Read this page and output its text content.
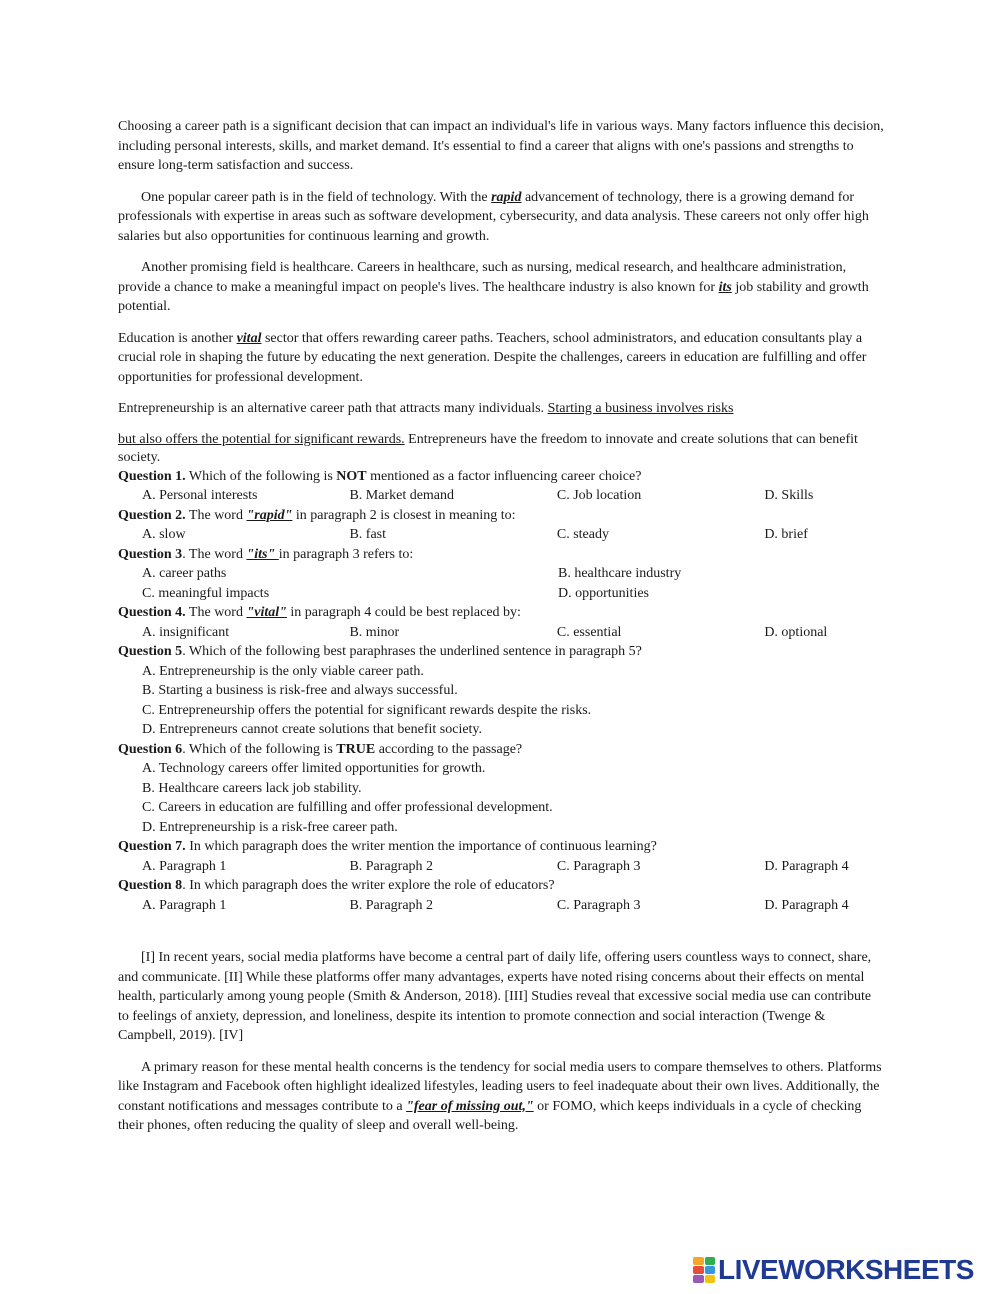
Choosing a career path is a significant decision that can impact an individual's life in various ways. Many factors influence this decision, including personal interests, skills, and market demand. It's essential to find a career that aligns with one's passions and strengths to ensure long-term satisfaction and success.

One popular career path is in the field of technology. With the rapid advancement of technology, there is a growing demand for professionals with expertise in areas such as software development, cybersecurity, and data analysis. These careers not only offer high salaries but also opportunities for continuous learning and growth.

Another promising field is healthcare. Careers in healthcare, such as nursing, medical research, and healthcare administration, provide a chance to make a meaningful impact on people's lives. The healthcare industry is also known for its job stability and growth potential.

Education is another vital sector that offers rewarding career paths. Teachers, school administrators, and education consultants play a crucial role in shaping the future by educating the next generation. Despite the challenges, careers in education are fulfilling and offer opportunities for professional development.

Entrepreneurship is an alternative career path that attracts many individuals. Starting a business involves risks

but also offers the potential for significant rewards. Entrepreneurs have the freedom to innovate and create solutions that can benefit society.

Question 1. Which of the following is NOT mentioned as a factor influencing career choice?

A. Personal interests	B. Market demand	C. Job location	D. Skills

Question 2. The word "rapid" in paragraph 2 is closest in meaning to:

A. slow	B. fast	C. steady	D. brief

Question 3. The word "its" in paragraph 3 refers to:

A. career paths	B. healthcare industry
C. meaningful impacts	D. opportunities

Question 4. The word "vital" in paragraph 4 could be best replaced by:

A. insignificant	B. minor	C. essential	D. optional

Question 5. Which of the following best paraphrases the underlined sentence in paragraph 5?

A. Entrepreneurship is the only viable career path.

B. Starting a business is risk-free and always successful.

C. Entrepreneurship offers the potential for significant rewards despite the risks.

D. Entrepreneurs cannot create solutions that benefit society.

Question 6. Which of the following is TRUE according to the passage?

A. Technology careers offer limited opportunities for growth.

B. Healthcare careers lack job stability.

C. Careers in education are fulfilling and offer professional development.

D. Entrepreneurship is a risk-free career path.

Question 7. In which paragraph does the writer mention the importance of continuous learning?

A. Paragraph 1	B. Paragraph 2	C. Paragraph 3	D. Paragraph 4

Question 8. In which paragraph does the writer explore the role of educators?

A. Paragraph 1	B. Paragraph 2	C. Paragraph 3	D. Paragraph 4

[I] In recent years, social media platforms have become a central part of daily life, offering users countless ways to connect, share, and communicate. [II] While these platforms offer many advantages, experts have noted rising concerns about their effects on mental health, particularly among young people (Smith & Anderson, 2018). [III] Studies reveal that excessive social media use can contribute to feelings of anxiety, depression, and loneliness, despite its intention to promote connection and social interaction (Twenge & Campbell, 2019). [IV]

A primary reason for these mental health concerns is the tendency for social media users to compare themselves to others. Platforms like Instagram and Facebook often highlight idealized lifestyles, leading users to feel inadequate about their own lives. Additionally, the constant notifications and messages contribute to a "fear of missing out," or FOMO, which keeps individuals in a cycle of checking their phones, often reducing the quality of sleep and overall well-being.

LIVEWORKSHEETS
